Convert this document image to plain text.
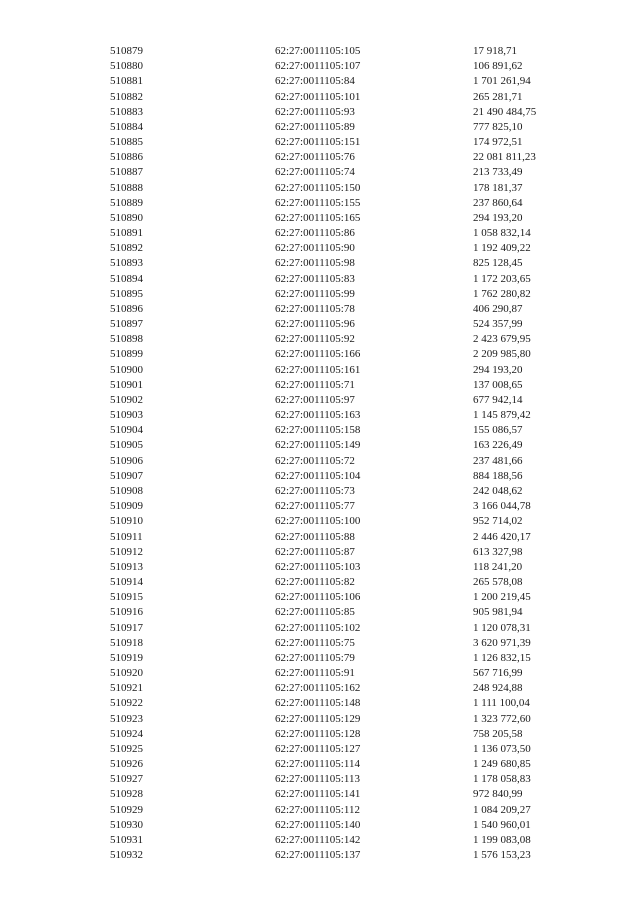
510879	62:27:0011105:105	17 918,71
510880	62:27:0011105:107	106 891,62
510881	62:27:0011105:84	1 701 261,94
510882	62:27:0011105:101	265 281,71
510883	62:27:0011105:93	21 490 484,75
510884	62:27:0011105:89	777 825,10
510885	62:27:0011105:151	174 972,51
510886	62:27:0011105:76	22 081 811,23
510887	62:27:0011105:74	213 733,49
510888	62:27:0011105:150	178 181,37
510889	62:27:0011105:155	237 860,64
510890	62:27:0011105:165	294 193,20
510891	62:27:0011105:86	1 058 832,14
510892	62:27:0011105:90	1 192 409,22
510893	62:27:0011105:98	825 128,45
510894	62:27:0011105:83	1 172 203,65
510895	62:27:0011105:99	1 762 280,82
510896	62:27:0011105:78	406 290,87
510897	62:27:0011105:96	524 357,99
510898	62:27:0011105:92	2 423 679,95
510899	62:27:0011105:166	2 209 985,80
510900	62:27:0011105:161	294 193,20
510901	62:27:0011105:71	137 008,65
510902	62:27:0011105:97	677 942,14
510903	62:27:0011105:163	1 145 879,42
510904	62:27:0011105:158	155 086,57
510905	62:27:0011105:149	163 226,49
510906	62:27:0011105:72	237 481,66
510907	62:27:0011105:104	884 188,56
510908	62:27:0011105:73	242 048,62
510909	62:27:0011105:77	3 166 044,78
510910	62:27:0011105:100	952 714,02
510911	62:27:0011105:88	2 446 420,17
510912	62:27:0011105:87	613 327,98
510913	62:27:0011105:103	118 241,20
510914	62:27:0011105:82	265 578,08
510915	62:27:0011105:106	1 200 219,45
510916	62:27:0011105:85	905 981,94
510917	62:27:0011105:102	1 120 078,31
510918	62:27:0011105:75	3 620 971,39
510919	62:27:0011105:79	1 126 832,15
510920	62:27:0011105:91	567 716,99
510921	62:27:0011105:162	248 924,88
510922	62:27:0011105:148	1 111 100,04
510923	62:27:0011105:129	1 323 772,60
510924	62:27:0011105:128	758 205,58
510925	62:27:0011105:127	1 136 073,50
510926	62:27:0011105:114	1 249 680,85
510927	62:27:0011105:113	1 178 058,83
510928	62:27:0011105:141	972 840,99
510929	62:27:0011105:112	1 084 209,27
510930	62:27:0011105:140	1 540 960,01
510931	62:27:0011105:142	1 199 083,08
510932	62:27:0011105:137	1 576 153,23
